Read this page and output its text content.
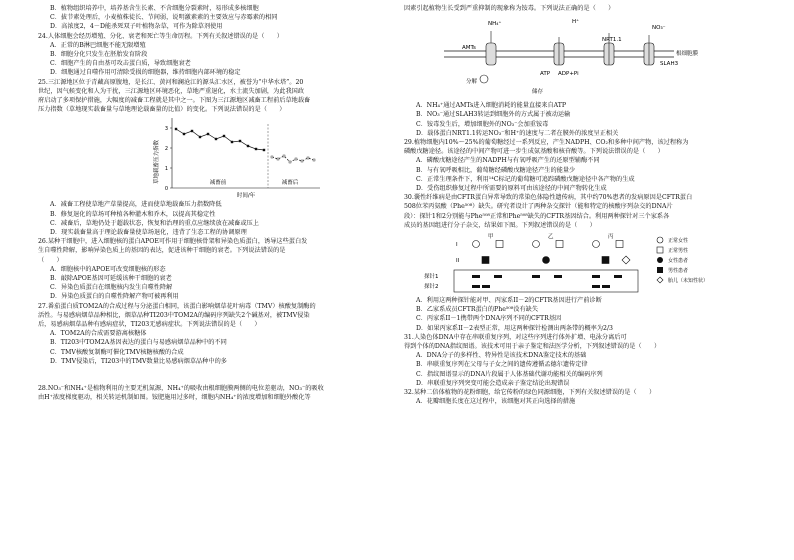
B．植物组织培养中，培养基含生长素、不含细胞分裂素时，易形成多核细胞
C．拔节素处理后，小麦植株徒长、节间弱，说明激素素的主要效应与赤霉素的相同
D．高浓度2，4－D能杀死双子叶植物杂草，可作为除草剂使用
24.人体细胞会经历增殖、分化、衰老和死亡等生命历程。下列有关叙述错误的是（　　）
A．正常的B淋巴细胞不能无限增殖
B．细胞分化只发生在胚胎发育阶段
C．细胞产生的自由基可攻击蛋白质，导致细胞衰老
D．细胞通过自噬作用可清除受损的细胞器，维持细胞内部环境的稳定
25.三江源地区位于青藏高原腹地，是长江、黄河和澜沧江的源头汇水区，被誉为“中华水塔”。20
世纪，因气候变化和人为干扰，三江源地区环境恶化，草地严重退化，水土流失加剧，为此我国政
府启动了多项保护措施，大幅度的减畜工程就是其中之一。下图为三江源地区减畜工程前后草地载畜
压力指数（草地现实载畜量与草地理论载畜量的比值）的变化。下列说法错误的是（　　）
草地载畜压力指数	减畜前	减畜后
时间/年
3
2
1
0
A．减畜工程使草地产草量提高，进而使草地载畜压力指数降低
B．修复退化的草场可种植各种灌木和乔木，以提高其稳定性
C．减畜后，草地仍处于超载状态，恢复和治理的重点应继续放在减畜或压上
D．现实载畜量高于理论载畜量使草场退化，违背了生态工程的协调原理
26.某种干细胞中，进入细胞核的蛋白APOE可作用于细胞核骨架和异染色质蛋白，诱导这些蛋白发
生自噬性降解，影响异染色质上的基因的表达，促进该种干细胞的衰老。下列说法错误的是
（　　）
A．细胞核中的APOE可改变细胞核的形态
B．敲除APOE基因可延缓该种干细胞的衰老
C．异染色质蛋白在细胞核内发生自噬性降解
D．异染色质蛋白的自噬性降解产物可被再利用
27.番茄蛋白质TOM2A的合成过程与分泌蛋白相同，该蛋白影响烟草花叶病毒（TMV）核酸复制酶的
活性。与易感病烟草品种相比，烟草品种TI203中TOM2A的编码序列缺失2个碱基对，被TMV侵染
后，易感病烟草品种有感病症状，TI203无感病症状。下列说法错误的是（　　）
A．TOM2A的合成需要游离核糖体
B．TI203中TOM2A基因表达的蛋白与易感病烟草品种中的不同
C．TMV核酸复制酶可催化TMV核糖核酸的合成
D．TMV侵染后，TI203中的TMV数量比易感病烟草品种中的多
28.NO₃⁻和NH₄⁺是植物利用的主要无机氮源，NH₄⁺的吸收由根细胞膜两侧的电位差驱动，NO₃⁻的吸收
由H⁺浓度梯度驱动，相关转运机制如图。铵肥施用过多时，细胞内NH₄⁺的浓度增加和细胞外酸化等
因素引起植物生长受到严重抑制的现象称为铵毒。下列说法正确的是（　　）
NH₄⁺	H⁺
NO₃⁻
AMTs
NRT1.1
SLAH3
ATP ADP+Pi
分解
储存
根细胞膜
A．NH₄⁺通过AMTs进入细胞消耗的能量直接来自ATP
B．NO₃⁻通过SLAH3转运到细胞外的方式属于被动运输
C．铵毒发生后，增加细胞外的NO₃⁻会加重铵毒
D．载体蛋白NRT1.1转运NO₃⁻和H⁺的速度与二者在膜外的浓度呈正相关
29.植物细胞内10%～25%的葡萄糖经过一系列反应，产生NADPH、CO₂和多种中间产物，该过程称为
磷酸戊糖途径。该途径的中间产物可进一步生成氨基酸和核苷酸等。下列说法错误的是（　　）
A．磷酸戊糖途径产生的NADPH与有氧呼吸产生的还原型辅酶不同
B．与有氧呼吸相比，葡萄糖经磷酸戊糖途径产生的能量少
C．正常生理条件下，利用¹⁴C标记的葡萄糖可追踪磷酸戊糖途径中各产物的生成
D．受伤组织修复过程中所需要的原料可由该途径的中间产物转化生成
30.囊性纤维病是由CFTR蛋白异常导致的常染色体隐性遗传病，其中约70%患者的发病原因是CFTR蛋白
508位苯丙氨酸（Phe⁵⁰⁸）缺失。研究者设计了两种杂交探针（能和特定的核酸序列杂交的DNA片
段）：探针1和2分别能与Phe⁵⁰⁸正常和Phe⁵⁰⁸缺失的CFTR基因结合。利用两种探针对三个家系各
成员的基因组进行分子杂交，结果如下图。下列叙述错误的是（　　）
甲	乙	丙
I
II
探针1
探针2
正常女性
正常男性
女性患者
男性患者
胎儿（未知性状）
A．利用这两种探针能对甲、丙家系II－2的CFTR基因进行产前诊断
B．乙家系成员CFTR蛋白的Phe⁵⁰⁸没有缺失
C．丙家系II－1携带两个DNA序列不同的CFTR基因
D．如果丙家系II－2表型正常，用这两种探针检测出两条带的概率为2/3
31.人染色体DNA中存在串联重复序列，对这些序列进行体外扩增、电泳分离后可
得到个体的DNA指纹图谱。该技术可用于亲子鉴定和法医学分析，下列叙述错误的是（　　）
A．DNA分子的多样性、特异性是该技术DNA鉴定技术的基础
B．串联重复序列在父母与子女之间的遗传遵循孟德尔遗传定律
C．指纹图谱显示的DNA片段属于人体基础代谢功能相关的编码序列
D．串联重复序列突变可能会造成亲子鉴定结论出现错误
32.某种二倍体植物的花粉细胞，给它传粉的绿色同源细胞，下列有关叙述错误的是（　　）
A．花瓣细胞长度在这过程中，该细胞对其正向选择的措施
